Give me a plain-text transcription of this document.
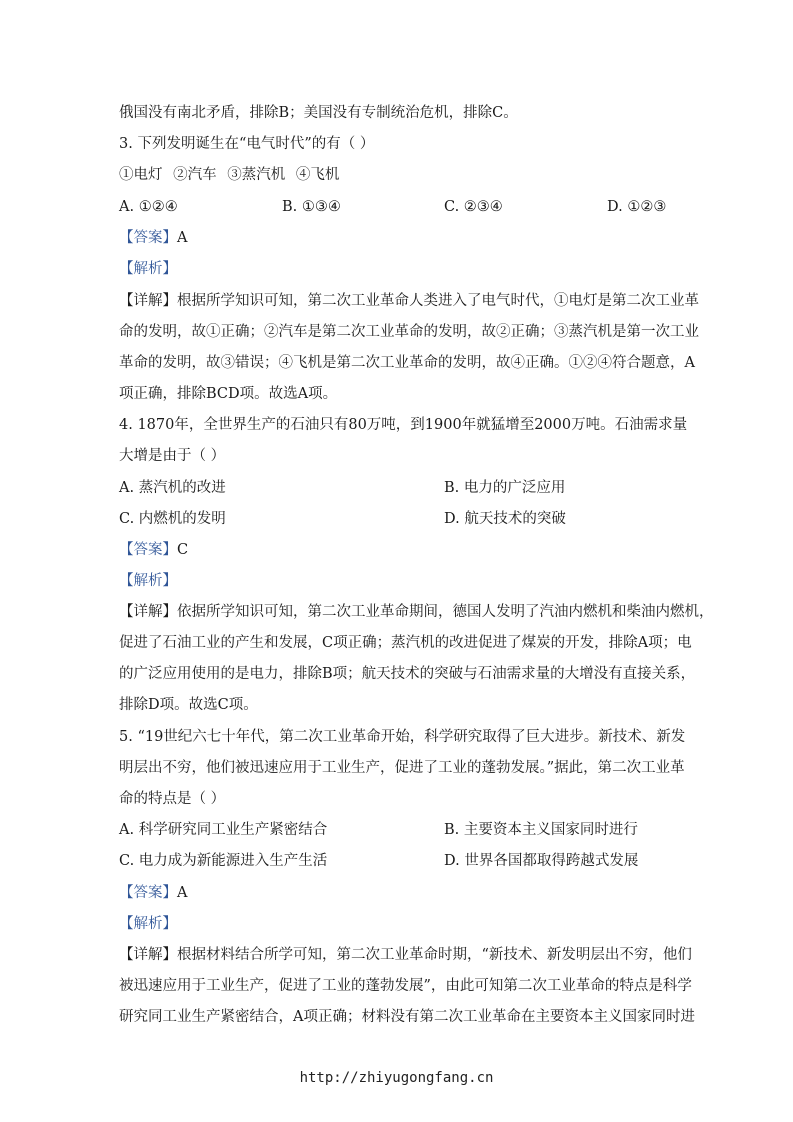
俄国没有南北矛盾，排除B；美国没有专制统治危机，排除C。
3. 下列发明诞生在“电气时代”的有（ ）
①电灯 ②汽车 ③蒸汽机 ④飞机
A. ①②④	B. ①③④	C. ②③④	D. ①②③
【答案】A
【解析】
【详解】根据所学知识可知，第二次工业革命人类进入了电气时代，①电灯是第二次工业革
命的发明，故①正确；②汽车是第二次工业革命的发明，故②正确；③蒸汽机是第一次工业
革命的发明，故③错误；④飞机是第二次工业革命的发明，故④正确。①②④符合题意，A
项正确，排除BCD项。故选A项。
4. 1870年，全世界生产的石油只有80万吨，到1900年就猛增至2000万吨。石油需求量
大增是由于（ ）
A. 蒸汽机的改进	B. 电力的广泛应用
C. 内燃机的发明	D. 航天技术的突破
【答案】C
【解析】
【详解】依据所学知识可知，第二次工业革命期间，德国人发明了汽油内燃机和柴油内燃机，
促进了石油工业的产生和发展，C项正确；蒸汽机的改进促进了煤炭的开发，排除A项；电
的广泛应用使用的是电力，排除B项；航天技术的突破与石油需求量的大增没有直接关系，
排除D项。故选C项。
5. “19世纪六七十年代，第二次工业革命开始，科学研究取得了巨大进步。新技术、新发
明层出不穷，他们被迅速应用于工业生产，促进了工业的蓬勃发展。”据此，第二次工业革
命的特点是（ ）
A. 科学研究同工业生产紧密结合	B. 主要资本主义国家同时进行
C. 电力成为新能源进入生产生活	D. 世界各国都取得跨越式发展
【答案】A
【解析】
【详解】根据材料结合所学可知，第二次工业革命时期，“新技术、新发明层出不穷，他们
被迅速应用于工业生产，促进了工业的蓬勃发展”，由此可知第二次工业革命的特点是科学
研究同工业生产紧密结合，A项正确；材料没有第二次工业革命在主要资本主义国家同时进
http://zhiyugongfang.cn
